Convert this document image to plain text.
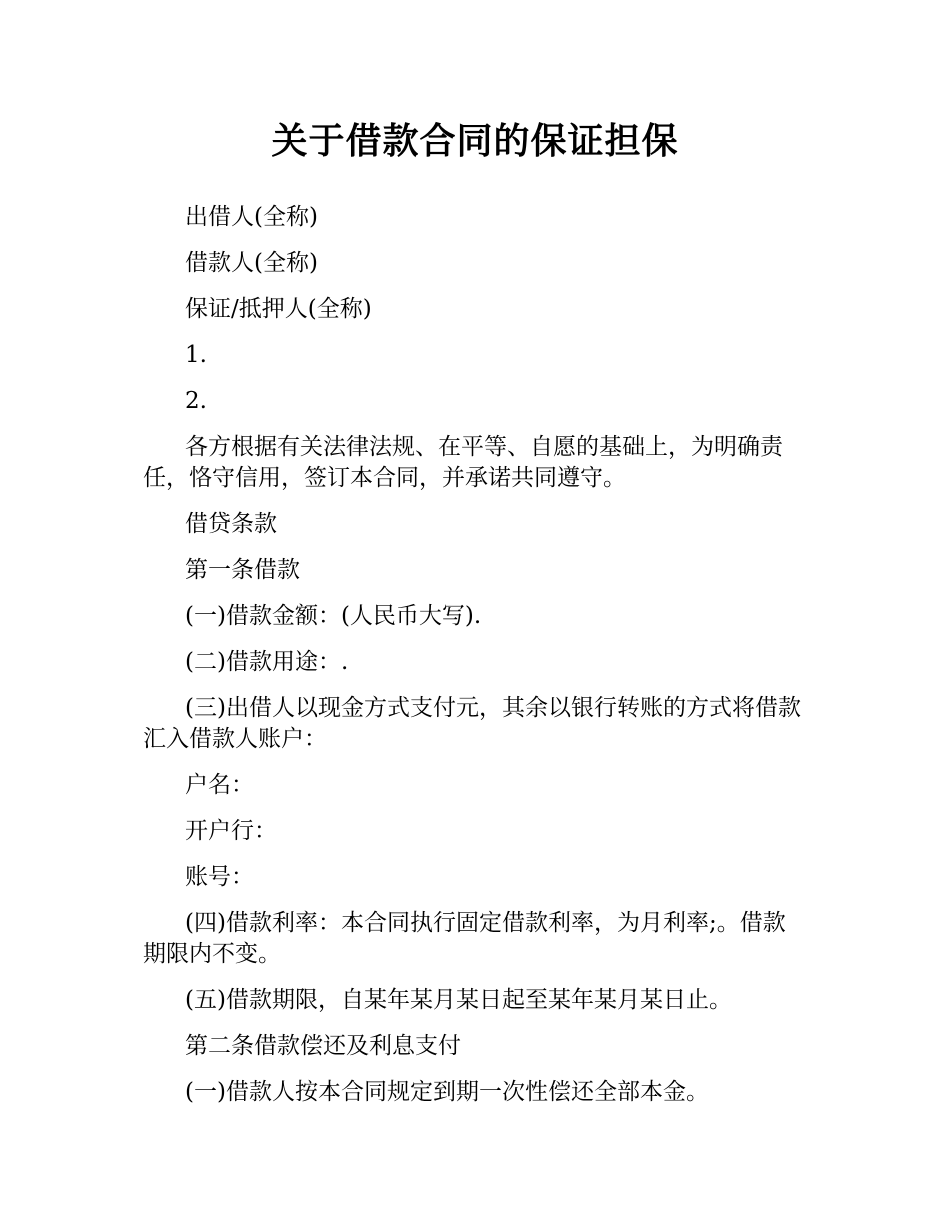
关于借款合同的保证担保

出借人(全称)

借款人(全称)

保证/抵押人(全称)

1.

2.

各方根据有关法律法规、在平等、自愿的基础上，为明确责任，恪守信用，签订本合同，并承诺共同遵守。

借贷条款

第一条借款

(一)借款金额：(人民币大写).

(二)借款用途：.

(三)出借人以现金方式支付元，其余以银行转账的方式将借款汇入借款人账户：

户名：

开户行：

账号：

(四)借款利率：本合同执行固定借款利率，为月利率;。借款期限内不变。

(五)借款期限，自某年某月某日起至某年某月某日止。

第二条借款偿还及利息支付

(一)借款人按本合同规定到期一次性偿还全部本金。
